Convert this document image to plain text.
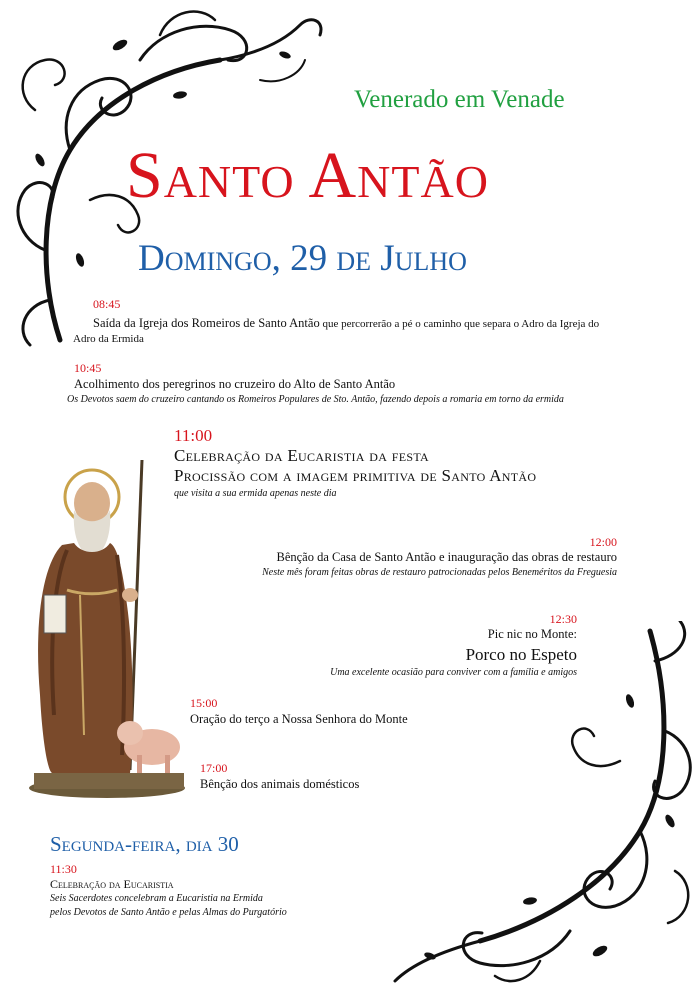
Venerado em Venade
Santo Antão
Domingo, 29 de Julho
08:45
Saída da Igreja dos Romeiros de Santo Antão que percorrerão a pé o caminho que separa o Adro da Igreja do
Adro da Ermida
10:45
Acolhimento dos peregrinos no cruzeiro do Alto de Santo Antão
Os Devotos saem do cruzeiro cantando os Romeiros Populares de Sto. Antão, fazendo depois a romaria em torno da ermida
11:00
Celebração da Eucaristia da festa
Procissão com a imagem primitiva de Santo Antão
que visita a sua ermida apenas neste dia
12:00
Bênção da Casa de Santo Antão e inauguração das obras de restauro
Neste mês foram feitas obras de restauro patrocionadas pelos Beneméritos da Freguesia
12:30
Pic nic no Monte:
Porco no Espeto
Uma excelente ocasião para conviver com a família e amigos
15:00
Oração do terço a Nossa Senhora do Monte
17:00
Bênção dos animais domésticos
Segunda-feira, dia 30
11:30
Celebração da Eucaristia
Seis Sacerdotes concelebram a Eucaristia na Ermida
pelos Devotos de Santo Antão e pelas Almas do Purgatório
